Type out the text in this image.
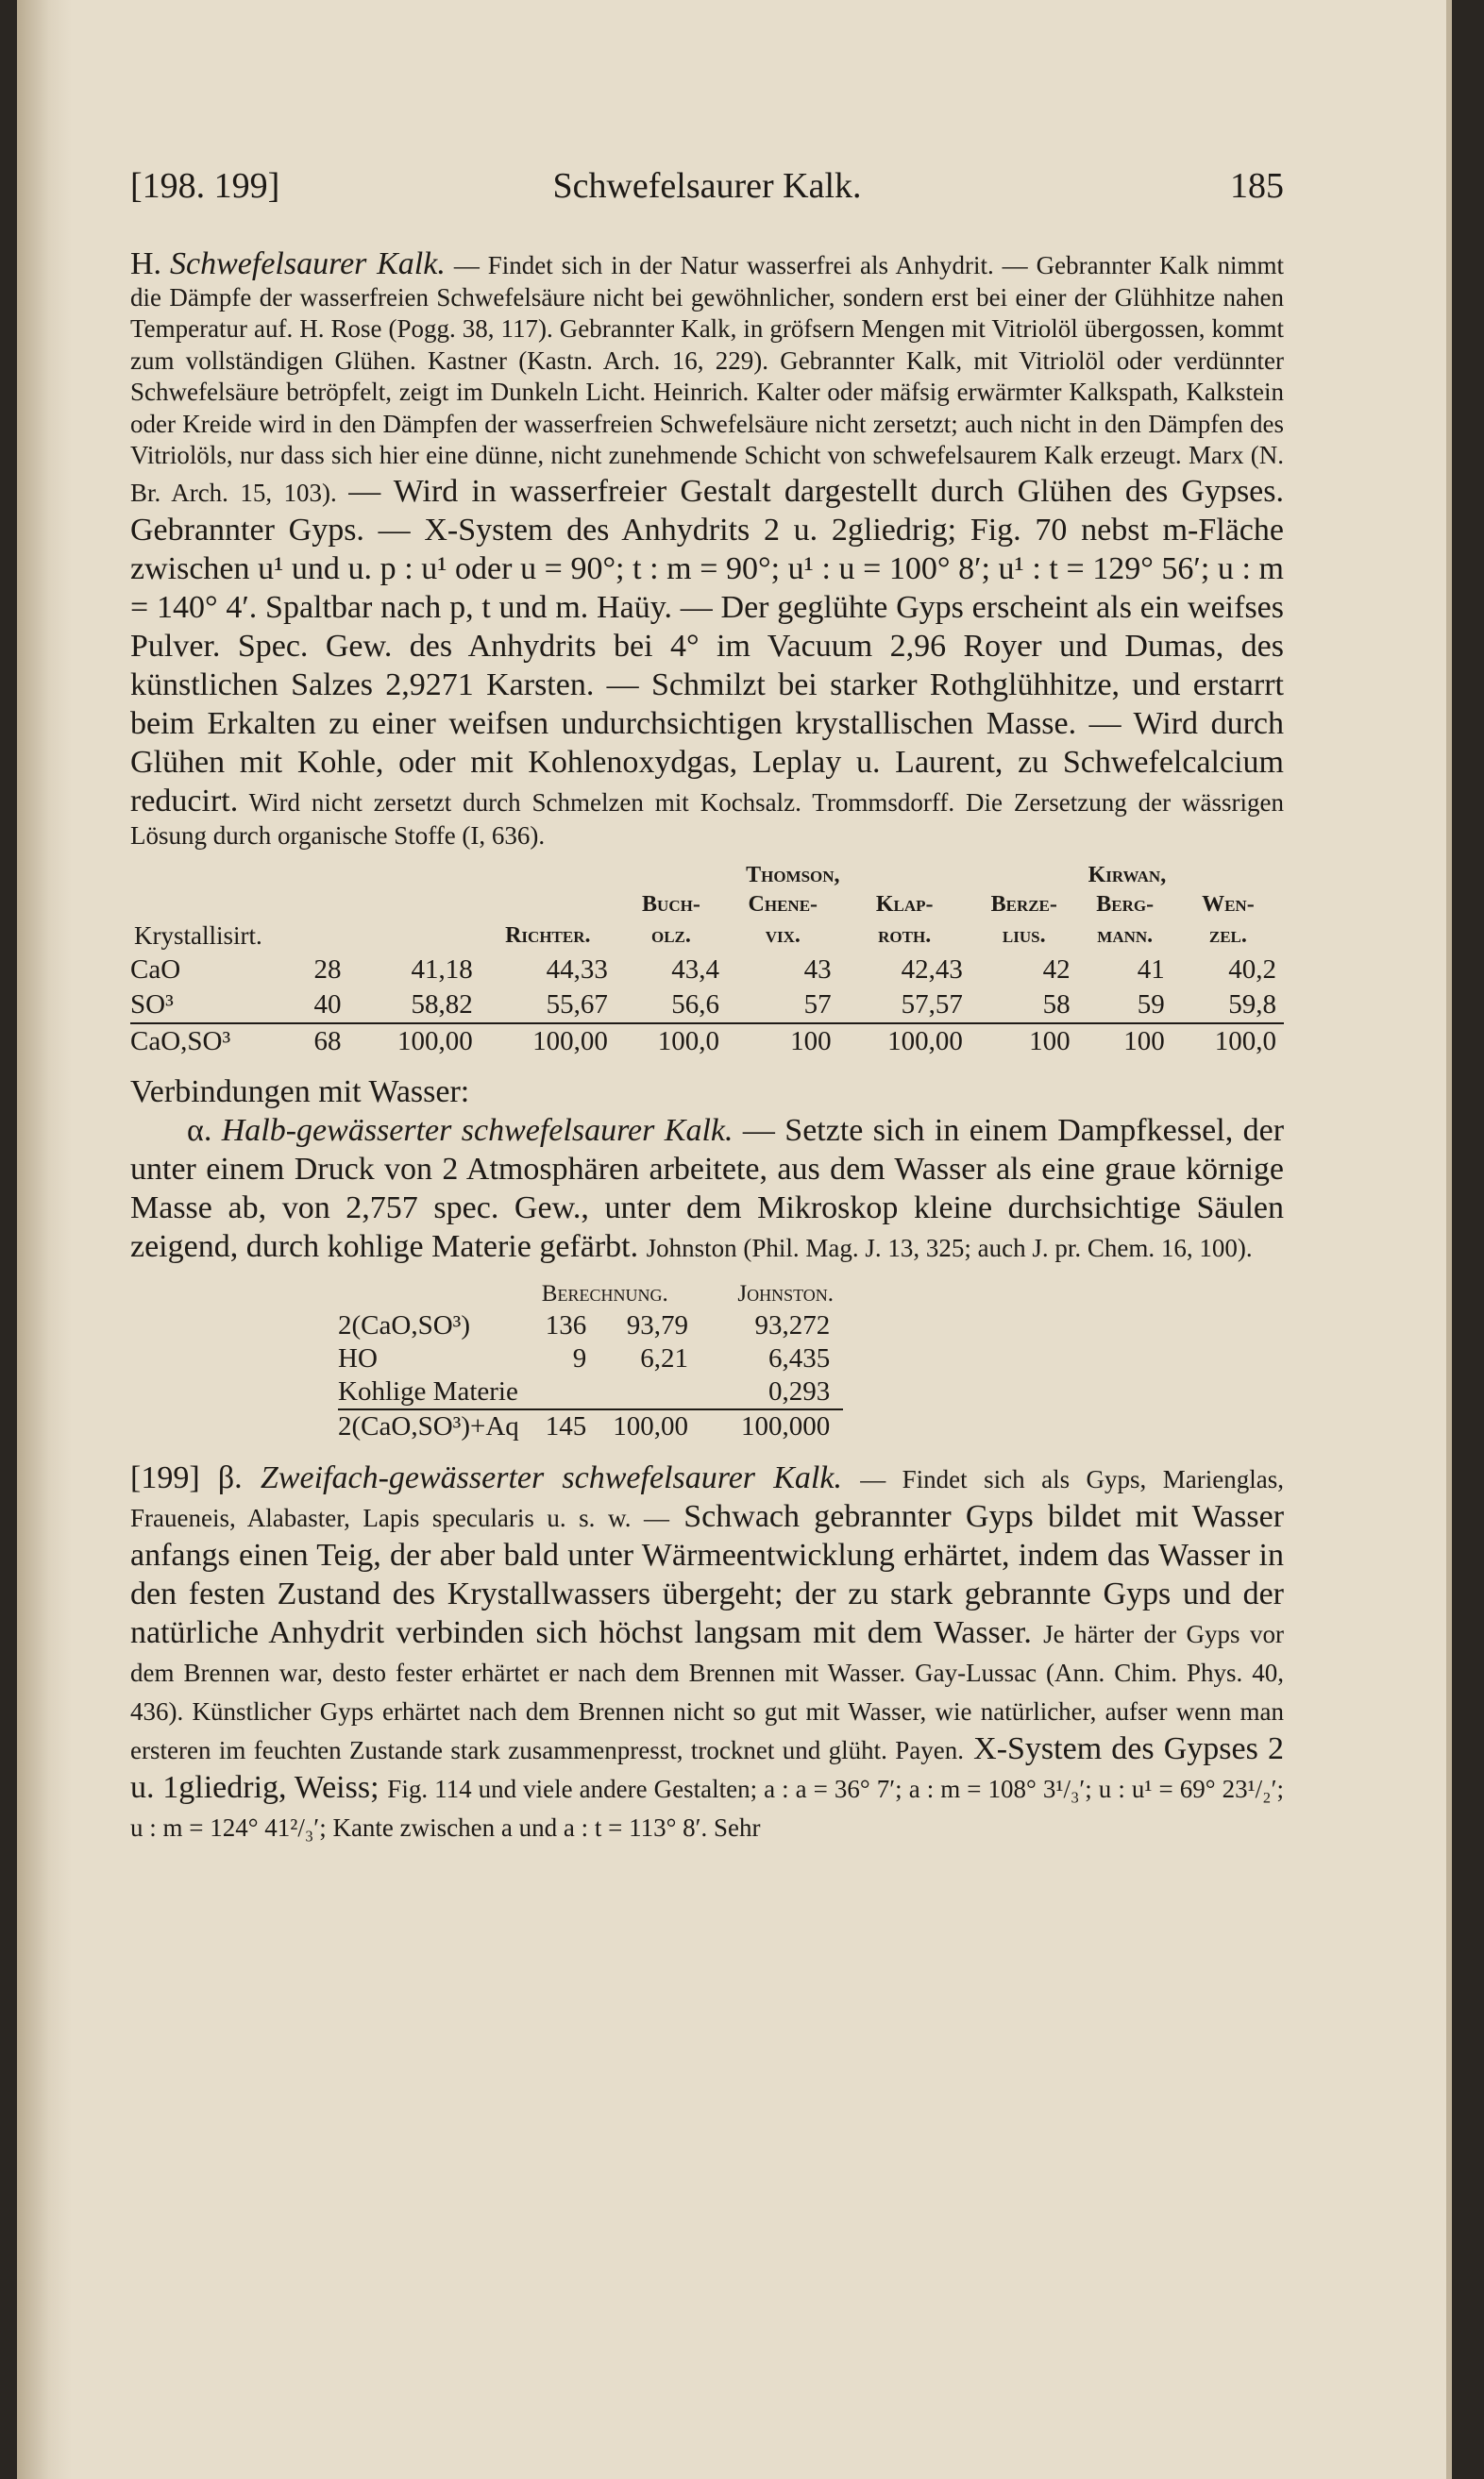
[198. 199]	Schwefelsaurer Kalk.	185

H. Schwefelsaurer Kalk. — Findet sich in der Natur wasserfrei als Anhydrit. — Gebrannter Kalk nimmt die Dämpfe der wasserfreien Schwefelsäure nicht bei gewöhnlicher, sondern erst bei einer der Glühhitze nahen Temperatur auf. H. Rose (Pogg. 38, 117). Gebrannter Kalk, in gröfsern Mengen mit Vitriolöl übergossen, kommt zum vollständigen Glühen. Kastner (Kastn. Arch. 16, 229). Gebrannter Kalk, mit Vitriolöl oder verdünnter Schwefelsäure betröpfelt, zeigt im Dunkeln Licht. Heinrich. Kalter oder mäfsig erwärmter Kalkspath, Kalkstein oder Kreide wird in den Dämpfen der wasserfreien Schwefelsäure nicht zersetzt; auch nicht in den Dämpfen des Vitriolöls, nur dass sich hier eine dünne, nicht zunehmende Schicht von schwefelsaurem Kalk erzeugt. Marx (N. Br. Arch. 15, 103). — Wird in wasserfreier Gestalt dargestellt durch Glühen des Gypses. Gebrannter Gyps. — X-System des Anhydrits 2 u. 2gliedrig; Fig. 70 nebst m-Fläche zwischen u¹ und u. p : u¹ oder u = 90°; t : m = 90°; u¹ : u = 100° 8′; u¹ : t = 129° 56′; u : m = 140° 4′. Spaltbar nach p, t und m. Haüy. — Der geglühte Gyps erscheint als ein weifses Pulver. Spec. Gew. des Anhydrits bei 4° im Vacuum 2,96 Royer und Dumas, des künstlichen Salzes 2,9271 Karsten. — Schmilzt bei starker Rothglühhitze, und erstarrt beim Erkalten zu einer weifsen undurchsichtigen krystallischen Masse. — Wird durch Glühen mit Kohle, oder mit Kohlenoxydgas, Leplay u. Laurent, zu Schwefelcalcium reducirt. Wird nicht zersetzt durch Schmelzen mit Kochsalz. Trommsdorff. Die Zersetzung der wässrigen Lösung durch organische Stoffe (I, 636).

				Thomson,			Kirwan,		
				Buch-	Chene-	Klap-	Berze-	Berg-	Wen-
Krystallisirt.			Richter.	olz.	vix.	roth.	lius.	mann.	zel.
CaO	28	41,18	44,33	43,4	43	42,43	42	41	40,2
SO³	40	58,82	55,67	56,6	57	57,57	58	59	59,8
CaO,SO³	68	100,00	100,00	100,0	100	100,00	100	100	100,0

Verbindungen mit Wasser:

α. Halb-gewässerter schwefelsaurer Kalk. — Setzte sich in einem Dampfkessel, der unter einem Druck von 2 Atmosphären arbeitete, aus dem Wasser als eine graue körnige Masse ab, von 2,757 spec. Gew., unter dem Mikroskop kleine durchsichtige Säulen zeigend, durch kohlige Materie gefärbt. Johnston (Phil. Mag. J. 13, 325; auch J. pr. Chem. 16, 100).

	Berechnung.			Johnston.
2(CaO,SO³)	136	93,79		93,272
HO	9	6,21		6,435
Kohlige Materie				0,293
2(CaO,SO³)+Aq	145	100,00		100,000

[199] β. Zweifach-gewässerter schwefelsaurer Kalk. — Findet sich als Gyps, Marienglas, Fraueneis, Alabaster, Lapis specularis u. s. w. — Schwach gebrannter Gyps bildet mit Wasser anfangs einen Teig, der aber bald unter Wärmeentwicklung erhärtet, indem das Wasser in den festen Zustand des Krystallwassers übergeht; der zu stark gebrannte Gyps und der natürliche Anhydrit verbinden sich höchst langsam mit dem Wasser. Je härter der Gyps vor dem Brennen war, desto fester erhärtet er nach dem Brennen mit Wasser. Gay-Lussac (Ann. Chim. Phys. 40, 436). Künstlicher Gyps erhärtet nach dem Brennen nicht so gut mit Wasser, wie natürlicher, aufser wenn man ersteren im feuchten Zustande stark zusammenpresst, trocknet und glüht. Payen. X-System des Gypses 2 u. 1gliedrig, Weiss; Fig. 114 und viele andere Gestalten; a : a = 36° 7′; a : m = 108° 3¹/₃′; u : u¹ = 69° 23¹/₂′; u : m = 124° 41²/₃′; Kante zwischen a und a : t = 113° 8′. Sehr
